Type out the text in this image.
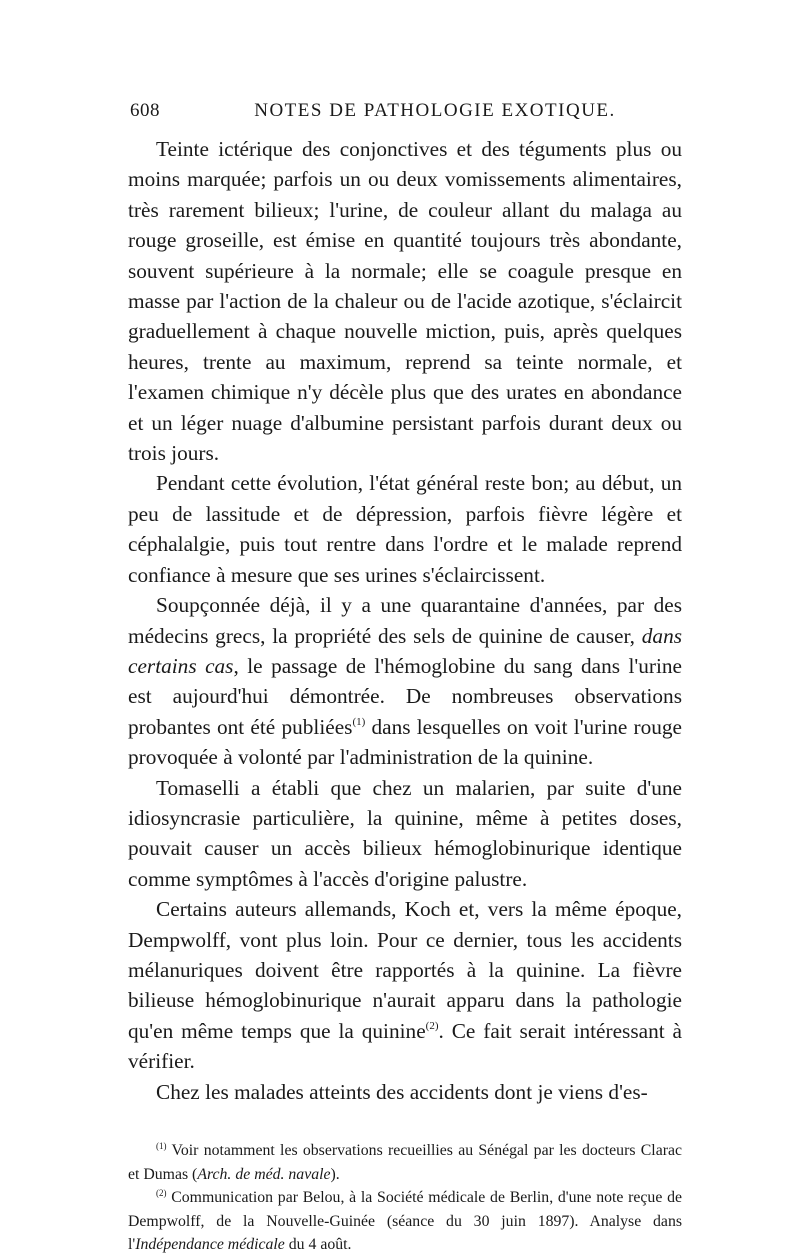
608	NOTES DE PATHOLOGIE EXOTIQUE.

Teinte ictérique des conjonctives et des téguments plus ou moins marquée; parfois un ou deux vomissements alimentaires, très rarement bilieux; l'urine, de couleur allant du malaga au rouge groseille, est émise en quantité toujours très abondante, souvent supérieure à la normale; elle se coagule presque en masse par l'action de la chaleur ou de l'acide azotique, s'éclaircit graduellement à chaque nouvelle miction, puis, après quelques heures, trente au maximum, reprend sa teinte normale, et l'examen chimique n'y décèle plus que des urates en abondance et un léger nuage d'albumine persistant parfois durant deux ou trois jours.

Pendant cette évolution, l'état général reste bon; au début, un peu de lassitude et de dépression, parfois fièvre légère et céphalalgie, puis tout rentre dans l'ordre et le malade reprend confiance à mesure que ses urines s'éclaircissent.

Soupçonnée déjà, il y a une quarantaine d'années, par des médecins grecs, la propriété des sels de quinine de causer, dans certains cas, le passage de l'hémoglobine du sang dans l'urine est aujourd'hui démontrée. De nombreuses observations probantes ont été publiées$^{(1)}$ dans lesquelles on voit l'urine rouge provoquée à volonté par l'administration de la quinine.

Tomaselli a établi que chez un malarien, par suite d'une idiosyncrasie particulière, la quinine, même à petites doses, pouvait causer un accès bilieux hémoglobinurique identique comme symptômes à l'accès d'origine palustre.

Certains auteurs allemands, Koch et, vers la même époque, Dempwolff, vont plus loin. Pour ce dernier, tous les accidents mélanuriques doivent être rapportés à la quinine. La fièvre bilieuse hémoglobinurique n'aurait apparu dans la pathologie qu'en même temps que la quinine$^{(2)}$. Ce fait serait intéressant à vérifier.

Chez les malades atteints des accidents dont je viens d'es-

$^{(1)}$ Voir notamment les observations recueillies au Sénégal par les docteurs Clarac et Dumas (Arch. de méd. navale).

$^{(2)}$ Communication par Belou, à la Société médicale de Berlin, d'une note reçue de Dempwolff, de la Nouvelle-Guinée (séance du 30 juin 1897). Analyse dans l'Indépendance médicale du 4 août.
